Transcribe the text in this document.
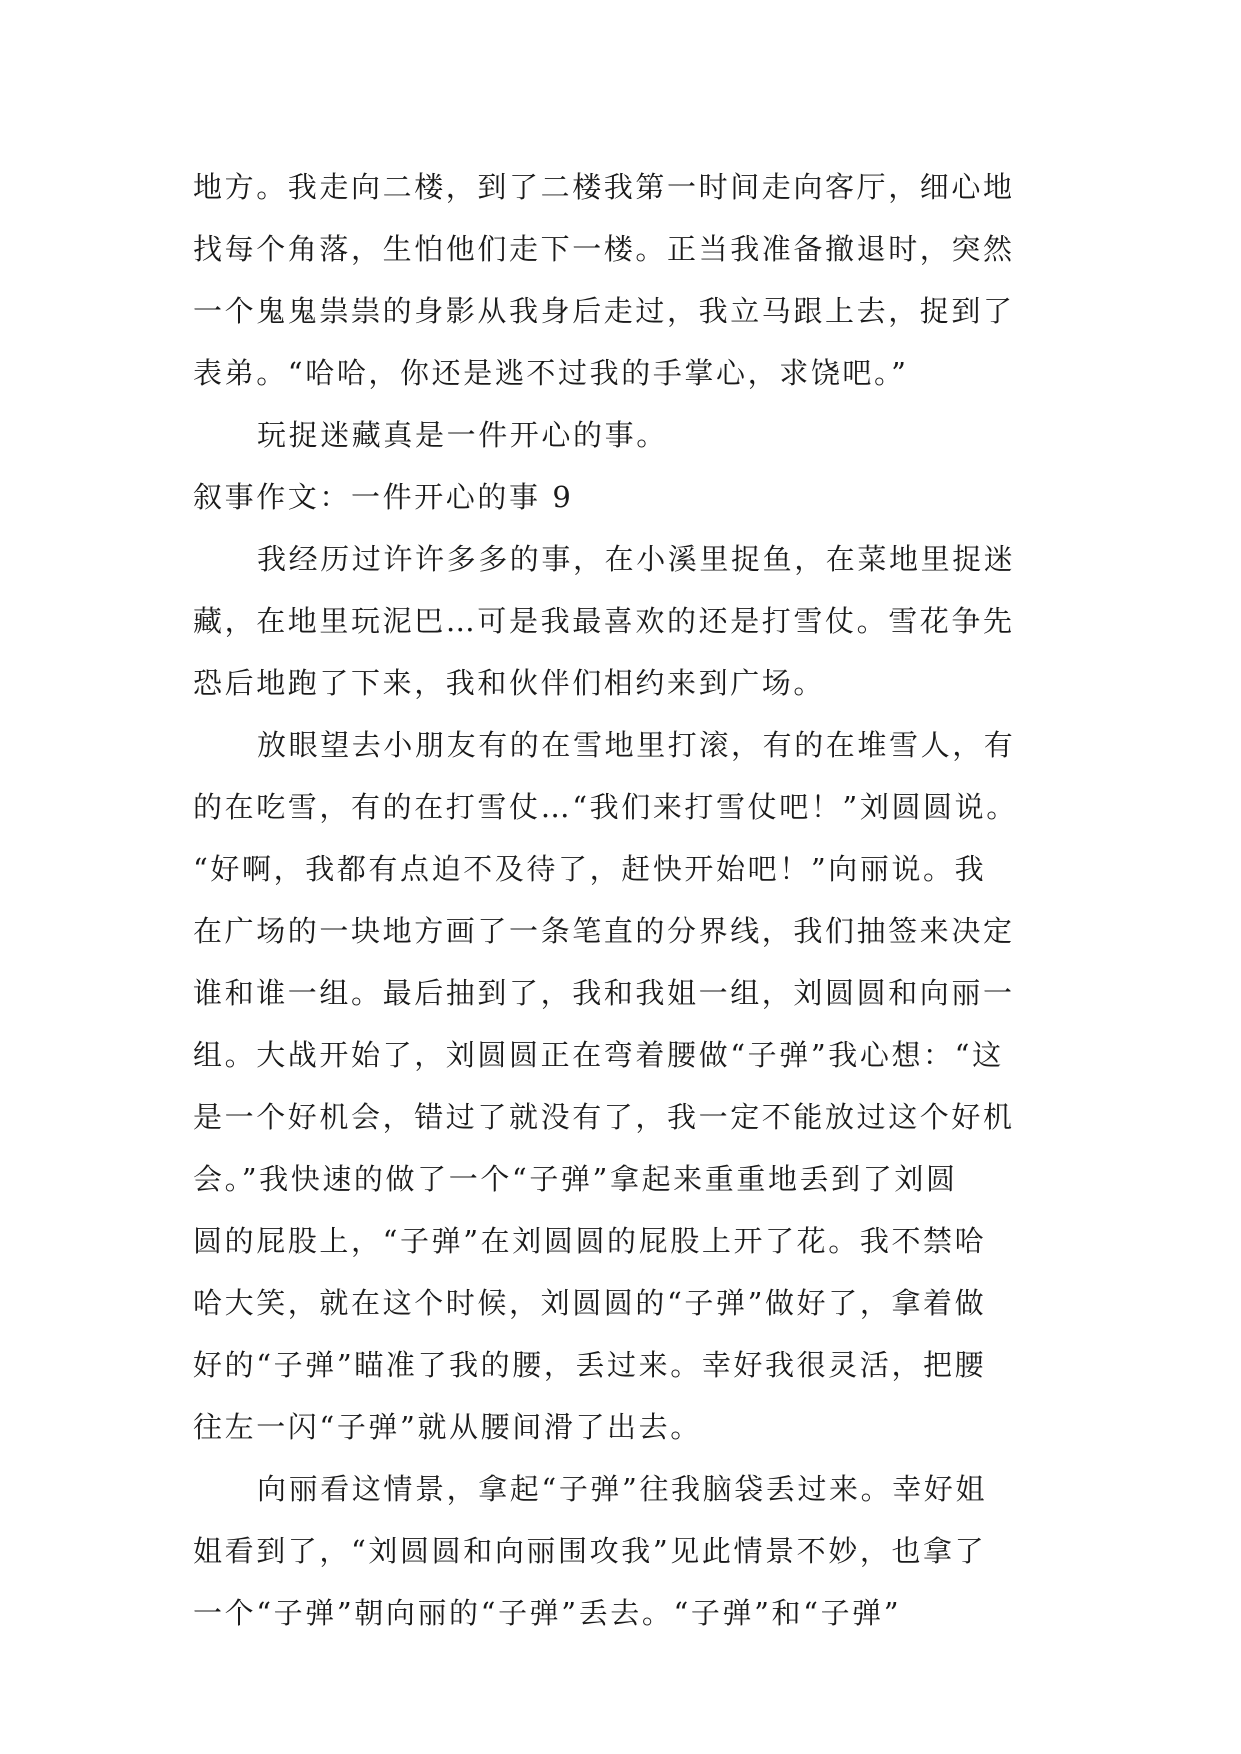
地方。我走向二楼，到了二楼我第一时间走向客厅，细心地
找每个角落，生怕他们走下一楼。正当我准备撤退时，突然
一个鬼鬼祟祟的身影从我身后走过，我立马跟上去，捉到了
表弟。“哈哈，你还是逃不过我的手掌心，求饶吧。”
玩捉迷藏真是一件开心的事。
叙事作文：一件开心的事 9
我经历过许许多多的事，在小溪里捉鱼，在菜地里捉迷
藏，在地里玩泥巴…可是我最喜欢的还是打雪仗。雪花争先
恐后地跑了下来，我和伙伴们相约来到广场。
放眼望去小朋友有的在雪地里打滚，有的在堆雪人，有
的在吃雪，有的在打雪仗…“我们来打雪仗吧！”刘圆圆说。
“好啊，我都有点迫不及待了，赶快开始吧！”向丽说。我
在广场的一块地方画了一条笔直的分界线，我们抽签来决定
谁和谁一组。最后抽到了，我和我姐一组，刘圆圆和向丽一
组。大战开始了，刘圆圆正在弯着腰做“子弹”我心想：“这
是一个好机会，错过了就没有了，我一定不能放过这个好机
会。”我快速的做了一个“子弹”拿起来重重地丢到了刘圆
圆的屁股上，“子弹”在刘圆圆的屁股上开了花。我不禁哈
哈大笑，就在这个时候，刘圆圆的“子弹”做好了，拿着做
好的“子弹”瞄准了我的腰，丢过来。幸好我很灵活，把腰
往左一闪“子弹”就从腰间滑了出去。
向丽看这情景，拿起“子弹”往我脑袋丢过来。幸好姐
姐看到了，“刘圆圆和向丽围攻我”见此情景不妙，也拿了
一个“子弹”朝向丽的“子弹”丢去。“子弹”和“子弹”
